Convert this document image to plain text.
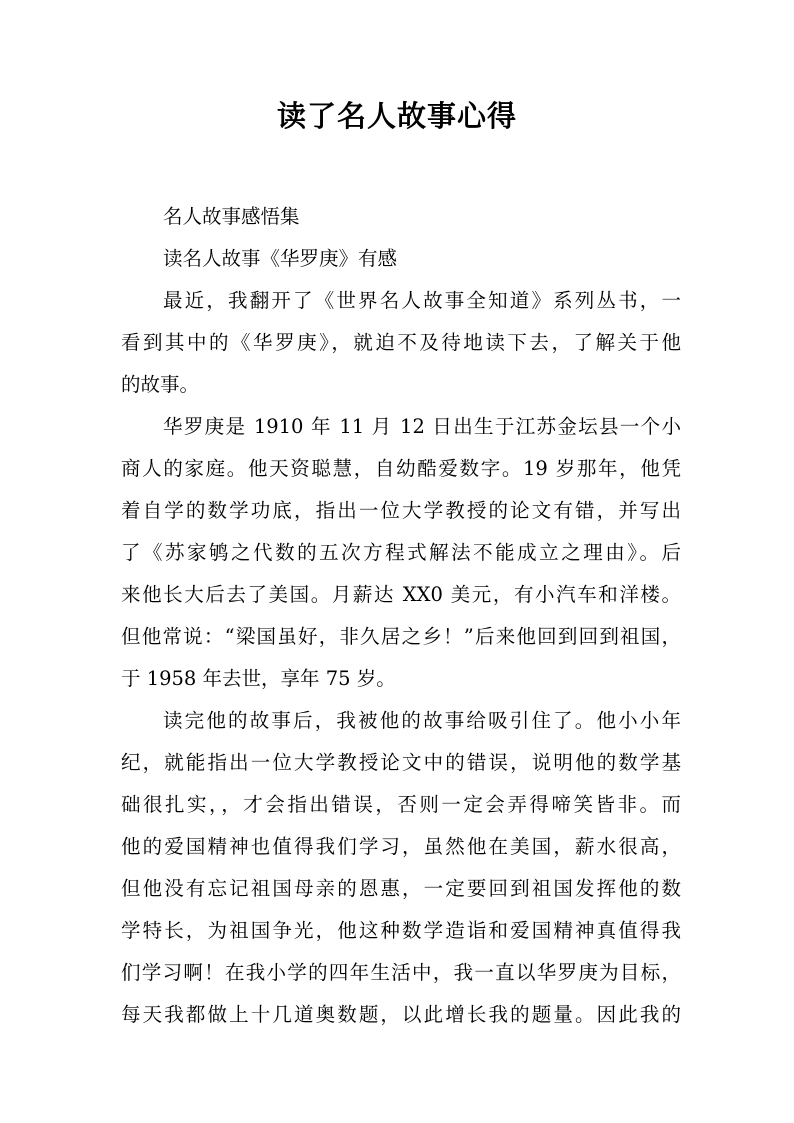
读了名人故事心得
名人故事感悟集
读名人故事《华罗庚》有感
最近，我翻开了《世界名人故事全知道》系列丛书，一
看到其中的《华罗庚》，就迫不及待地读下去，了解关于他
的故事。
华罗庚是 1910 年 11 月 12 日出生于江苏金坛县一个小
商人的家庭。他天资聪慧，自幼酷爱数字。19 岁那年，他凭
着自学的数学功底，指出一位大学教授的论文有错，并写出
了《苏家鸲之代数的五次方程式解法不能成立之理由》。后
来他长大后去了美国。月薪达 XX0 美元，有小汽车和洋楼。
但他常说：“梁国虽好，非久居之乡！”后来他回到回到祖国，
于 1958 年去世，享年 75 岁。
读完他的故事后，我被他的故事给吸引住了。他小小年
纪，就能指出一位大学教授论文中的错误，说明他的数学基
础很扎实，，才会指出错误，否则一定会弄得啼笑皆非。而
他的爱国精神也值得我们学习，虽然他在美国，薪水很高，
但他没有忘记祖国母亲的恩惠，一定要回到祖国发挥他的数
学特长，为祖国争光，他这种数学造诣和爱国精神真值得我
们学习啊！在我小学的四年生活中，我一直以华罗庚为目标，
每天我都做上十几道奥数题，以此增长我的题量。因此我的
